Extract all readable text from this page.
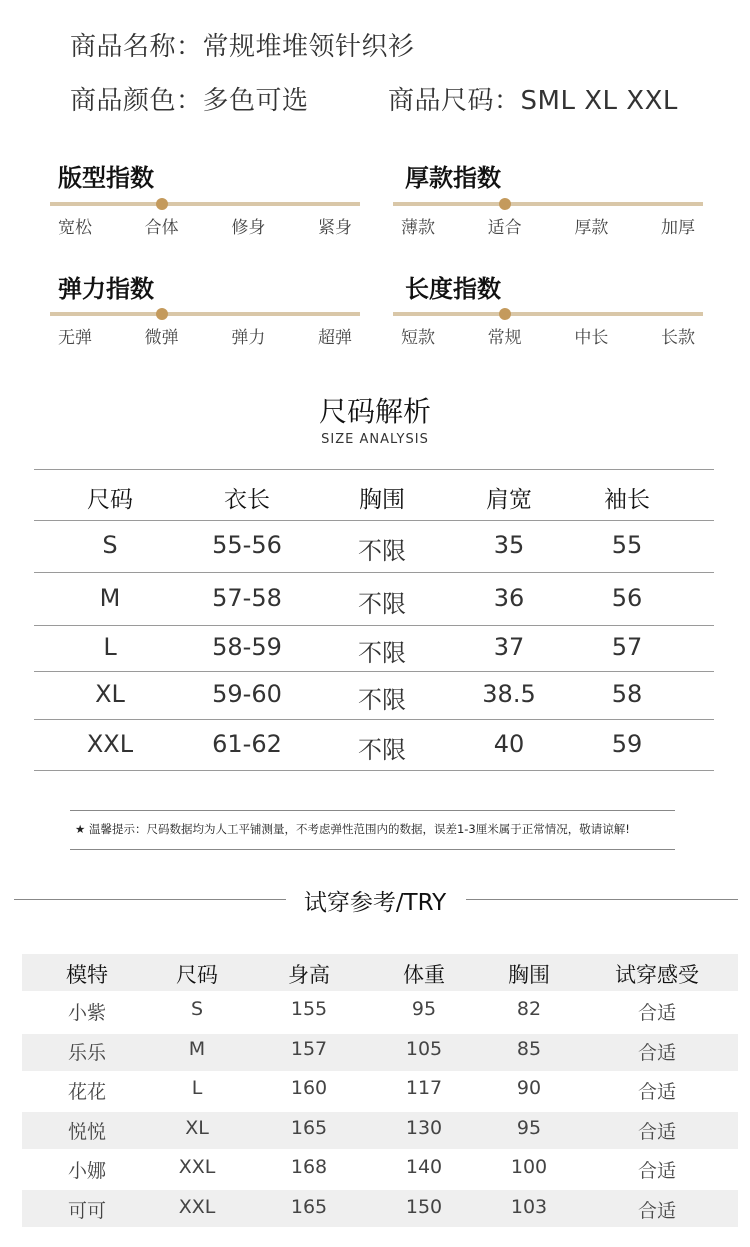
商品名称：常规堆堆领针织衫
商品颜色：多色可选	商品尺码：SML XL XXL
版型指数
宽松	合体	修身	紧身
厚款指数
薄款	适合	厚款	加厚
弹力指数
无弹	微弹	弹力	超弹
长度指数
短款	常规	中长	长款
尺码解析
SIZE ANALYSIS
尺码	衣长	胸围	肩宽	袖长
S	55-56	不限	35	55
M	57-58	不限	36	56
L	58-59	不限	37	57
XL	59-60	不限	38.5	58
XXL	61-62	不限	40	59
★ 温馨提示：尺码数据均为人工平铺测量，不考虑弹性范围内的数据，误差1-3厘米属于正常情况，敬请谅解!
试穿参考/TRY
模特	尺码	身高	体重	胸围	试穿感受
小紫	S	155	95	82	合适
乐乐	M	157	105	85	合适
花花	L	160	117	90	合适
悦悦	XL	165	130	95	合适
小娜	XXL	168	140	100	合适
可可	XXL	165	150	103	合适
